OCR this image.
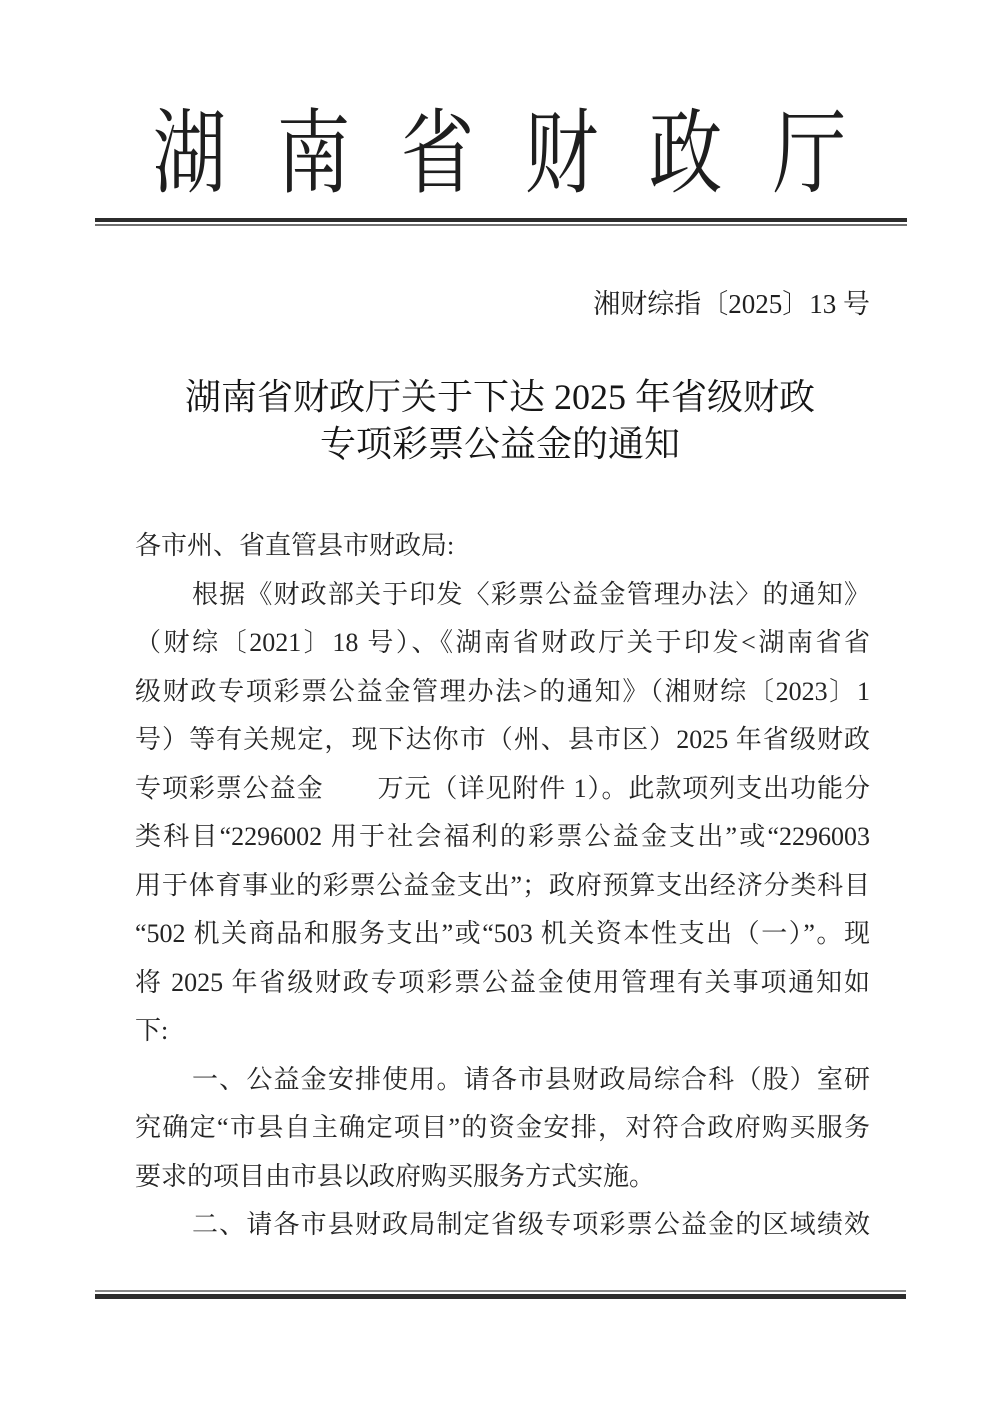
湖南省财政厅
湘财综指〔2025〕13 号
湖南省财政厅关于下达 2025 年省级财政
专项彩票公益金的通知
各市州、省直管县市财政局:
根据《财政部关于印发〈彩票公益金管理办法〉的通知》
（财综〔2021〕18 号）、《湖南省财政厅关于印发<湖南省省
级财政专项彩票公益金管理办法>的通知》（湘财综〔2023〕1
号）等有关规定，现下达你市（州、县市区）2025 年省级财政
专项彩票公益金　　万元（详见附件 1）。此款项列支出功能分
类科目“2296002 用于社会福利的彩票公益金支出”或“2296003
用于体育事业的彩票公益金支出”；政府预算支出经济分类科目
“502 机关商品和服务支出”或“503 机关资本性支出（一）”。现
将 2025 年省级财政专项彩票公益金使用管理有关事项通知如
下:
一、公益金安排使用。请各市县财政局综合科（股）室研
究确定“市县自主确定项目”的资金安排，对符合政府购买服务
要求的项目由市县以政府购买服务方式实施。
二、请各市县财政局制定省级专项彩票公益金的区域绩效
